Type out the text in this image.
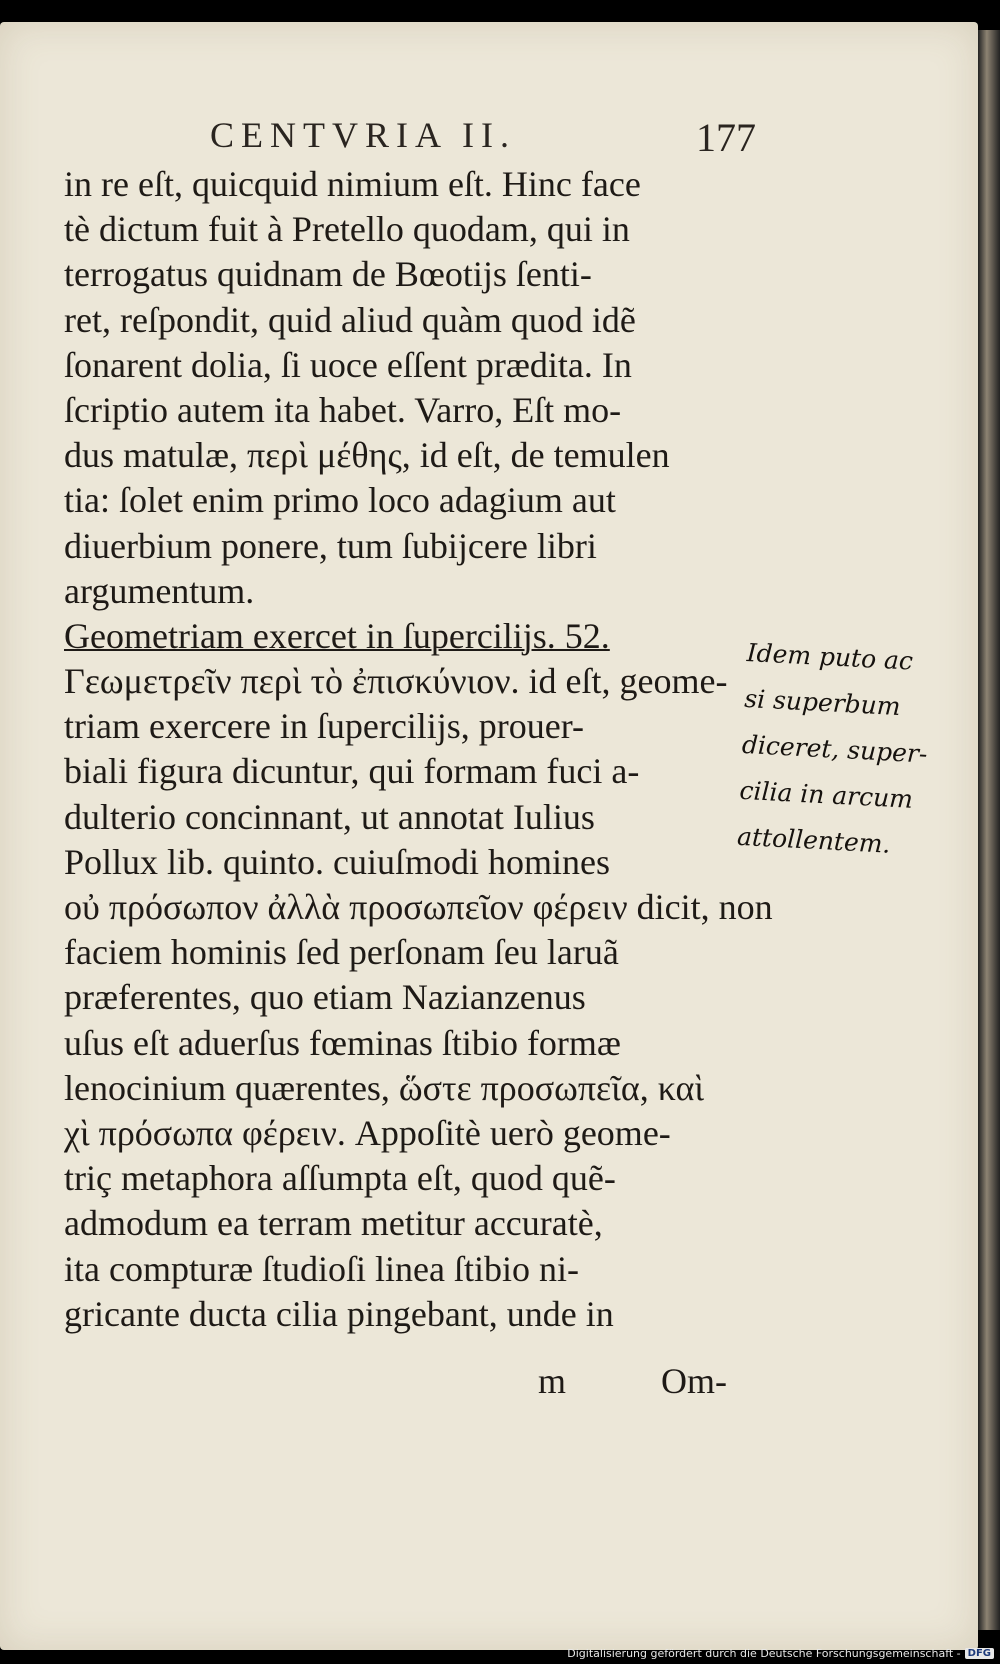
CENTVRIA II.	177
in re eſt, quicquid nimium eſt. Hinc face
tè dictum fuit à Pretello quodam, qui in
terrogatus quidnam de Bœotijs ſenti-
ret, reſpondit, quid aliud quàm quod idẽ
ſonarent dolia, ſi uoce eſſent prædita. In
ſcriptio autem ita habet. Varro, Eſt mo-
dus matulæ, περὶ μέθης, id eſt, de temulen
tia: ſolet enim primo loco adagium aut
diuerbium ponere, tum ſubijcere libri
argumentum.
Geometriam exercet in ſupercilijs. 52.
Γεωμετρεῖν περὶ τὸ ἐπισκύνιον. id eſt, geome-
triam exercere in ſupercilijs, prouer-
biali figura dicuntur, qui formam fuci a-
dulterio concinnant, ut annotat Iulius
Pollux lib. quinto. cuiuſmodi homines
οὐ πρόσωπον ἀλλὰ προσωπεῖον φέρειν dicit, non
faciem hominis ſed perſonam ſeu laruã
præferentes, quo etiam Nazianzenus
uſus eſt aduerſus fœminas ſtibio formæ
lenocinium quærentes, ὥστε προσωπεῖα, καὶ
χὶ πρόσωπα φέρειν. Appoſitè uerò geome-
triç metaphora aſſumpta eſt, quod quẽ-
admodum ea terram metitur accuratè,
ita compturæ ſtudioſi linea ſtibio ni-
gricante ducta cilia pingebant, unde in
Idem puto ac
si superbum
diceret, super-
cilia in arcum
attollentem.
m	Om-
Digitalisierung gefördert durch die Deutsche Forschungsgemeinschaft - DFG
